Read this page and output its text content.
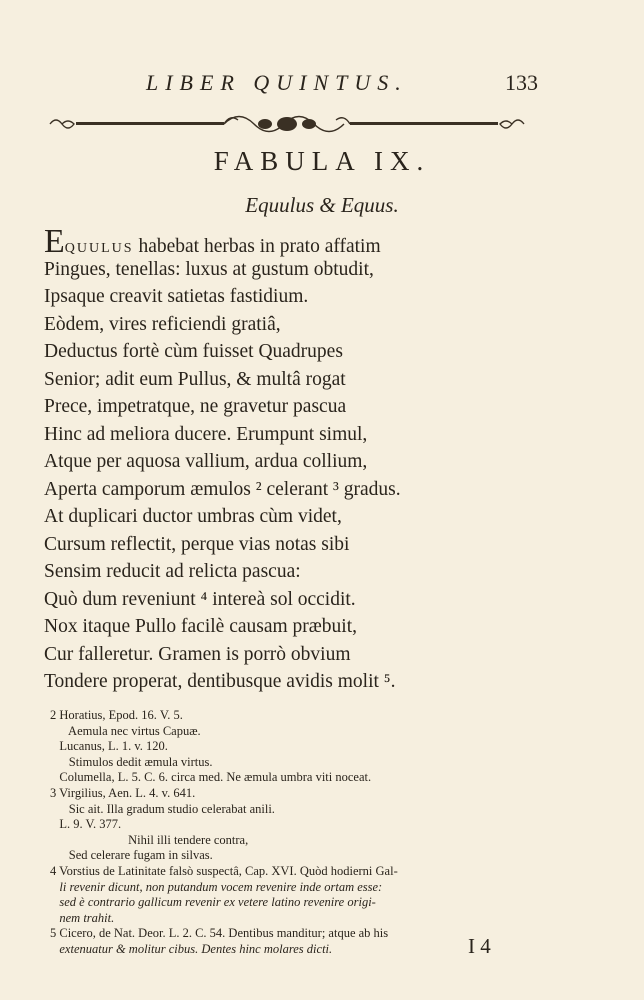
LIBER QUINTUS.	133
FABULA IX.
Equulus & Equus.
EQUULUS habebat herbas in prato affatim
Pingues, tenellas: luxus at gustum obtudit,
Ipsaque creavit satietas fastidium.
Eòdem, vires reficiendi gratiâ,
Deductus fortè cùm fuisset Quadrupes
Senior; adit eum Pullus, & multâ rogat
Prece, impetratque, ne gravetur pascua
Hinc ad meliora ducere. Erumpunt simul,
Atque per aquosa vallium, ardua collium,
Aperta camporum æmulos ² celerant ³ gradus.
At duplicari ductor umbras cùm videt,
Cursum reflectit, perque vias notas sibi
Sensim reducit ad relicta pascua:
Quò dum reveniunt ⁴ intereà sol occidit.
Nox itaque Pullo facilè causam præbuit,
Cur falleretur. Gramen is porrò obvium
Tondere properat, dentibusque avidis molit ⁵.
2 Horatius, Epod. 16. V. 5.
Aemula nec virtus Capuæ.
Lucanus, L. 1. v. 120.
Stimulos dedit æmula virtus.
Columella, L. 5. C. 6. circa med. Ne æmula umbra viti noceat.
3 Virgilius, Aen. L. 4. v. 641.
Sic ait. Illa gradum studio celerabat anili.
L. 9. V. 377.
Nihil illi tendere contra,
Sed celerare fugam in silvas.
4 Vorstius de Latinitate falsò suspectâ, Cap. XVI. Quòd hodierni Gal-
li revenir dicunt, non putandum vocem revenire inde ortam esse:
sed è contrario gallicum revenir ex vetere latino revenire origi-
nem trahit.
5 Cicero, de Nat. Deor. L. 2. C. 54. Dentibus manditur; atque ab his
extenuatur & molitur cibus. Dentes hinc molares dicti.	I 4
